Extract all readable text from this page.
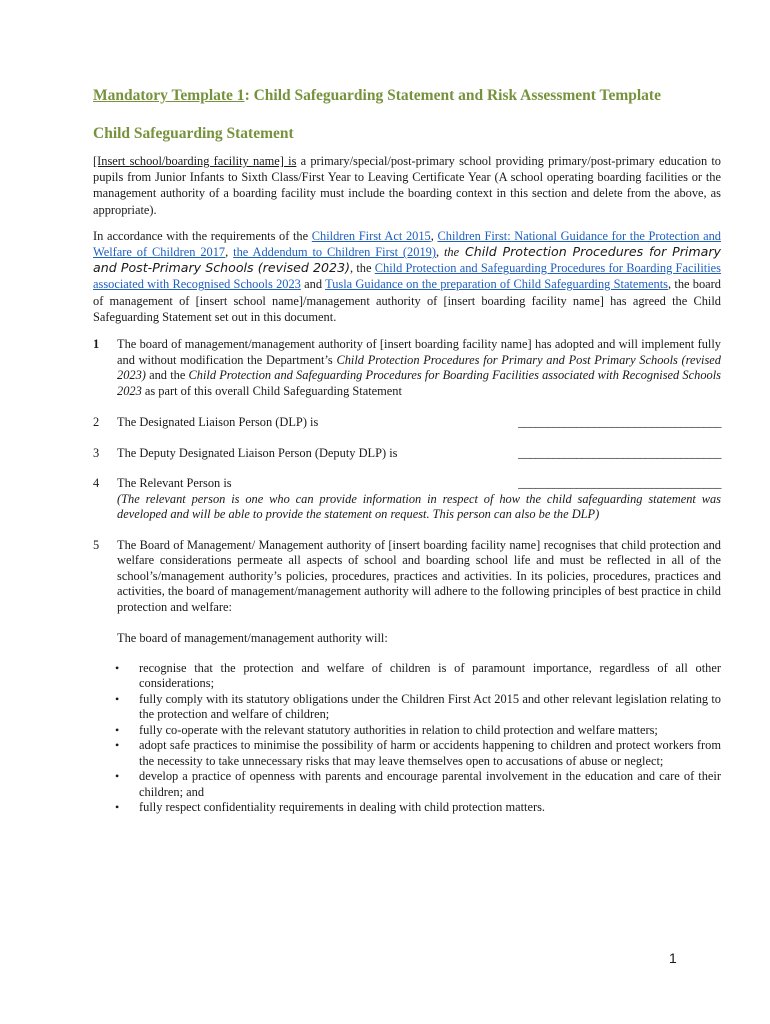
Mandatory Template 1: Child Safeguarding Statement and Risk Assessment Template
Child Safeguarding Statement

[Insert school/boarding facility name] is a primary/special/post-primary school providing primary/post-primary education to pupils from Junior Infants to Sixth Class/First Year to Leaving Certificate Year (A school operating boarding facilities or the management authority of a boarding facility must include the boarding context in this section and delete from the above, as appropriate).

In accordance with the requirements of the Children First Act 2015, Children First: National Guidance for the Protection and Welfare of Children 2017, the Addendum to Children First (2019), the Child Protection Procedures for Primary and Post-Primary Schools (revised 2023), the Child Protection and Safeguarding Procedures for Boarding Facilities associated with Recognised Schools 2023 and Tusla Guidance on the preparation of Child Safeguarding Statements, the board of management of [insert school name]/management authority of [insert boarding facility name] has agreed the Child Safeguarding Statement set out in this document.

1	The board of management/management authority of [insert boarding facility name] has adopted and will implement fully and without modification the Department’s Child Protection Procedures for Primary and Post Primary Schools (revised 2023) and the Child Protection and Safeguarding Procedures for Boarding Facilities associated with Recognised Schools 2023 as part of this overall Child Safeguarding Statement
2	The Designated Liaison Person (DLP) is	___________________________________
3	The Deputy Designated Liaison Person (Deputy DLP) is	___________________________________
4	The Relevant Person is	___________________________________
(The relevant person is one who can provide information in respect of how the child safeguarding statement was developed and will be able to provide the statement on request. This person can also be the DLP)
5	The Board of Management/ Management authority of [insert boarding facility name] recognises that child protection and welfare considerations permeate all aspects of school and boarding school life and must be reflected in all of the school’s/management authority’s policies, procedures, practices and activities. In its policies, procedures, practices and activities, the board of management/management authority will adhere to the following principles of best practice in child protection and welfare:
The board of management/management authority will:
• recognise that the protection and welfare of children is of paramount importance, regardless of all other considerations;
• fully comply with its statutory obligations under the Children First Act 2015 and other relevant legislation relating to the protection and welfare of children;
• fully co-operate with the relevant statutory authorities in relation to child protection and welfare matters;
• adopt safe practices to minimise the possibility of harm or accidents happening to children and protect workers from the necessity to take unnecessary risks that may leave themselves open to accusations of abuse or neglect;
• develop a practice of openness with parents and encourage parental involvement in the education and care of their children; and
• fully respect confidentiality requirements in dealing with child protection matters.
1
